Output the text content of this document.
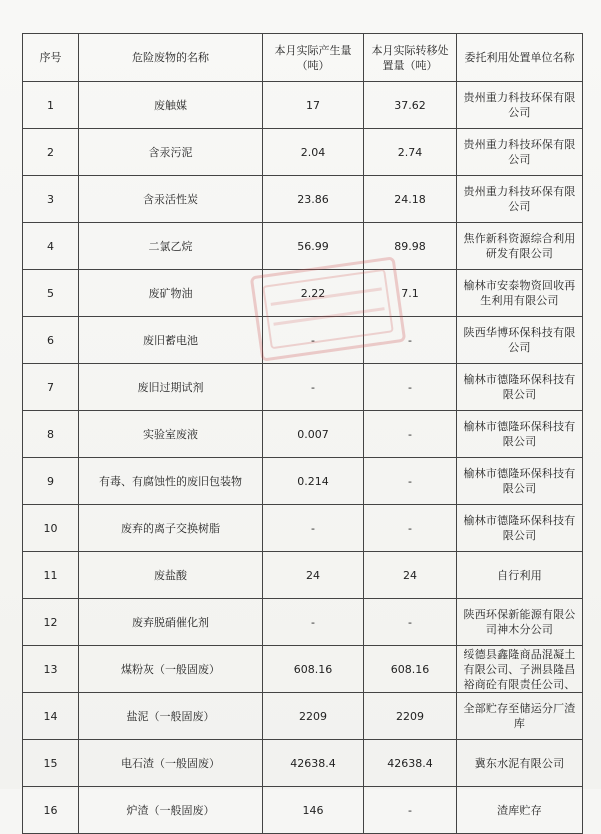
序号	危险废物的名称	本月实际产生量（吨）	本月实际转移处置量（吨）	委托利用处置单位名称
1	废触媒	17	37.62	贵州重力科技环保有限公司
2	含汞污泥	2.04	2.74	贵州重力科技环保有限公司
3	含汞活性炭	23.86	24.18	贵州重力科技环保有限公司
4	二氯乙烷	56.99	89.98	焦作新科资源综合利用研发有限公司
5	废矿物油	2.22	7.1	榆林市安泰物资回收再生利用有限公司
6	废旧蓄电池	-	-	陕西华博环保科技有限公司
7	废旧过期试剂	-	-	榆林市德隆环保科技有限公司
8	实验室废液	0.007	-	榆林市德隆环保科技有限公司
9	有毒、有腐蚀性的废旧包装物	0.214	-	榆林市德隆环保科技有限公司
10	废弃的离子交换树脂	-	-	榆林市德隆环保科技有限公司
11	废盐酸	24	24	自行利用
12	废弃脱硝催化剂	-	-	陕西环保新能源有限公司神木分公司
13	煤粉灰（一般固废）	608.16	608.16	绥德县鑫隆商品混凝土有限公司、子洲县隆昌裕商砼有限责任公司、
14	盐泥（一般固废）	2209	2209	全部贮存至储运分厂渣库
15	电石渣（一般固废）	42638.4	42638.4	冀东水泥有限公司
16	炉渣（一般固废）	146	-	渣库贮存
